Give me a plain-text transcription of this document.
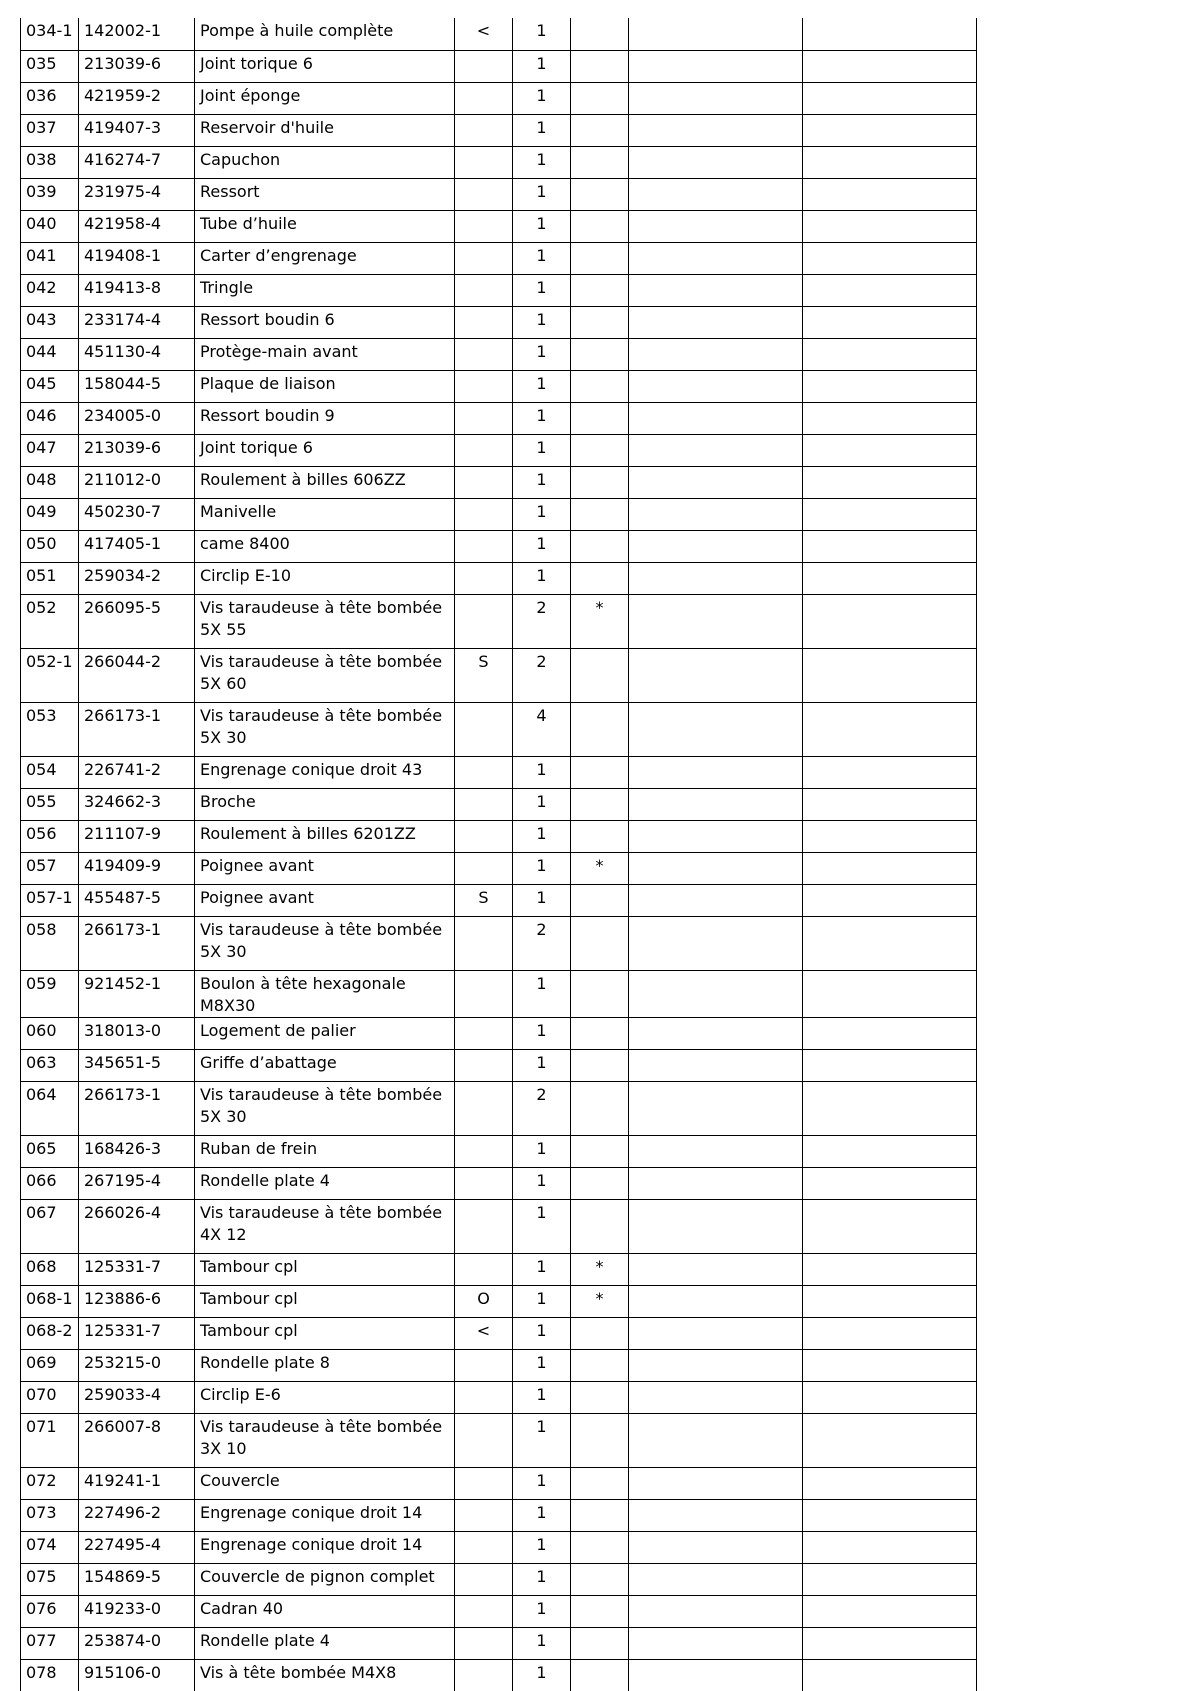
034-1	142002-1	Pompe à huile complète	<	1			
035	213039-6	Joint torique 6		1			
036	421959-2	Joint éponge		1			
037	419407-3	Reservoir d'huile		1			
038	416274-7	Capuchon		1			
039	231975-4	Ressort		1			
040	421958-4	Tube d’huile		1			
041	419408-1	Carter d’engrenage		1			
042	419413-8	Tringle		1			
043	233174-4	Ressort boudin 6		1			
044	451130-4	Protège-main avant		1			
045	158044-5	Plaque de liaison		1			
046	234005-0	Ressort boudin 9		1			
047	213039-6	Joint torique 6		1			
048	211012-0	Roulement à billes 606ZZ		1			
049	450230-7	Manivelle		1			
050	417405-1	came 8400		1			
051	259034-2	Circlip E-10		1			
052	266095-5	Vis taraudeuse à tête bombée 5X 55		2	*		
052-1	266044-2	Vis taraudeuse à tête bombée 5X 60	S	2			
053	266173-1	Vis taraudeuse à tête bombée 5X 30		4			
054	226741-2	Engrenage conique droit 43		1			
055	324662-3	Broche		1			
056	211107-9	Roulement à billes 6201ZZ		1			
057	419409-9	Poignee avant		1	*		
057-1	455487-5	Poignee avant	S	1			
058	266173-1	Vis taraudeuse à tête bombée 5X 30		2			
059	921452-1	Boulon à tête hexagonale M8X30		1			
060	318013-0	Logement de palier		1			
063	345651-5	Griffe d’abattage		1			
064	266173-1	Vis taraudeuse à tête bombée 5X 30		2			
065	168426-3	Ruban de frein		1			
066	267195-4	Rondelle plate 4		1			
067	266026-4	Vis taraudeuse à tête bombée 4X 12		1			
068	125331-7	Tambour cpl		1	*		
068-1	123886-6	Tambour cpl	O	1	*		
068-2	125331-7	Tambour cpl	<	1			
069	253215-0	Rondelle plate 8		1			
070	259033-4	Circlip E-6		1			
071	266007-8	Vis taraudeuse à tête bombée 3X 10		1			
072	419241-1	Couvercle		1			
073	227496-2	Engrenage conique droit 14		1			
074	227495-4	Engrenage conique droit 14		1			
075	154869-5	Couvercle de pignon complet		1			
076	419233-0	Cadran 40		1			
077	253874-0	Rondelle plate 4		1			
078	915106-0	Vis à tête bombée M4X8		1			
